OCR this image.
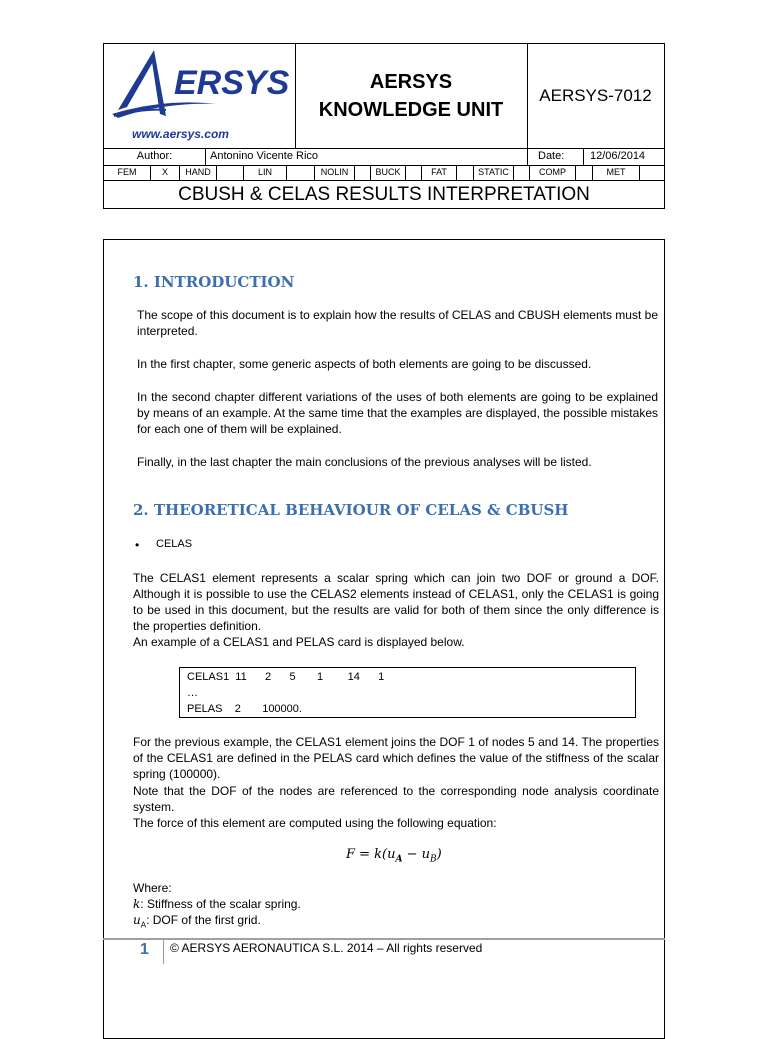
ERSYS
www.aersys.com
AERSYS
KNOWLEDGE UNIT
AERSYS-7012
Author:	Antonino Vicente Rico	Date:	12/06/2014
FEM	X	HAND	LIN	NOLIN	BUCK	FAT	STATIC	COMP	MET
CBUSH & CELAS RESULTS INTERPRETATION
1. INTRODUCTION
The scope of this document is to explain how the results of CELAS and CBUSH elements must be interpreted.
In the first chapter, some generic aspects of both elements are going to be discussed.
In the second chapter different variations of the uses of both elements are going to be explained by means of an example. At the same time that the examples are displayed, the possible mistakes for each one of them will be explained.
Finally, in the last chapter the main conclusions of the previous analyses will be listed.
2. THEORETICAL BEHAVIOUR OF CELAS & CBUSH
• CELAS
The CELAS1 element represents a scalar spring which can join two DOF or ground a DOF. Although it is possible to use the CELAS2 elements instead of CELAS1, only the CELAS1 is going to be used in this document, but the results are valid for both of them since the only difference is the properties definition.
An example of a CELAS1 and PELAS card is displayed below.
CELAS1  11      2      5       1        14      1
…
PELAS    2       100000.
For the previous example, the CELAS1 element joins the DOF 1 of nodes 5 and 14. The properties of the CELAS1 are defined in the PELAS card which defines the value of the stiffness of the scalar spring (100000).
Note that the DOF of the nodes are referenced to the corresponding node analysis coordinate system.
The force of this element are computed using the following equation:
$F = k(u_A - u_B)$
Where:
k: Stiffness of the scalar spring.
$u_A$: DOF of the first grid.
1 © AERSYS AERONAUTICA S.L. 2014 – All rights reserved
